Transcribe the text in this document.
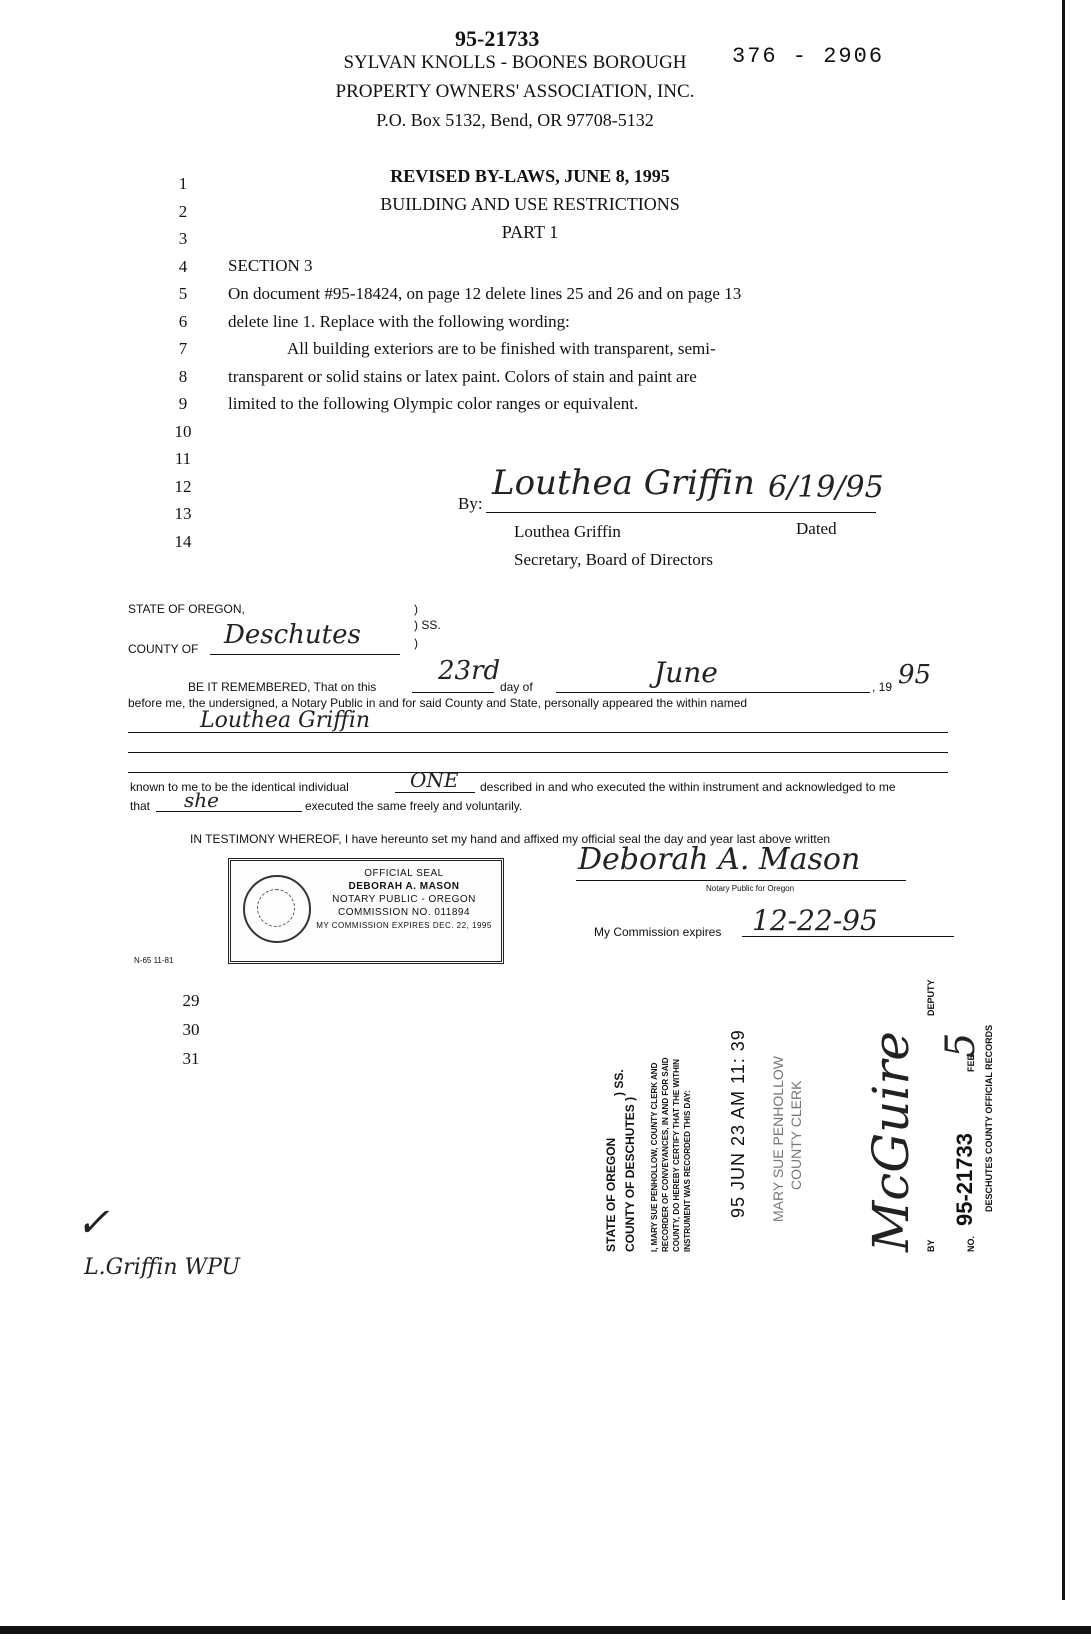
95-21733
376 - 2906
SYLVAN KNOLLS - BOONES BOROUGH
PROPERTY OWNERS' ASSOCIATION, INC.
P.O. Box 5132, Bend, OR 97708-5132
REVISED BY-LAWS, JUNE 8, 1995
BUILDING AND USE RESTRICTIONS
PART 1
1
2
3
4
5
6
7
8
9
10
11
12
13
14
SECTION 3
On document #95-18424, on page 12 delete lines 25 and 26 and on page 13
delete line 1. Replace with the following wording:
All building exteriors are to be finished with transparent, semi-
transparent or solid stains or latex paint. Colors of stain and paint are
limited to the following Olympic color ranges or equivalent.
By:
Louthea Griffin 6/19/95
Louthea Griffin	Dated
Secretary, Board of Directors
STATE OF OREGON,
COUNTY OF Deschutes
)
) SS.
)
BE IT REMEMBERED, That on this
23rd
day of	June	, 19 95
before me, the undersigned, a Notary Public in and for said County and State, personally appeared the within named
Louthea Griffin
known to me to be the identical individual	ONE described in and who executed the within instrument and acknowledged to me
that she	executed the same freely and voluntarily.
IN TESTIMONY WHEREOF, I have hereunto set my hand and affixed my official seal the day and year last above written
OFFICIAL SEAL
DEBORAH A. MASON
NOTARY PUBLIC - OREGON
COMMISSION NO. 011894
MY COMMISSION EXPIRES DEC. 22, 1995
Deborah A. Mason
Notary Public for Oregon
My Commission expires 12-22-95
N-65 11-81
29
30
31
STATE OF OREGON COUNTY OF DESCHUTES )
) SS.	I, MARY SUE PENHOLLOW, COUNTY CLERK AND RECORDER OF CONVEYANCES, IN AND FOR SAID COUNTY, DO HEREBY CERTIFY THAT THE WITHIN INSTRUMENT WAS RECORDED THIS DAY: 95 JUN 23 AM 11: 39 MARY SUE PENHOLLOW COUNTY CLERK
BY
DEPUTY
McGuire	NO.
95-21733
FEE
5 DESCHUTES COUNTY OFFICIAL RECORDS
✓
L.Griffin WPU
